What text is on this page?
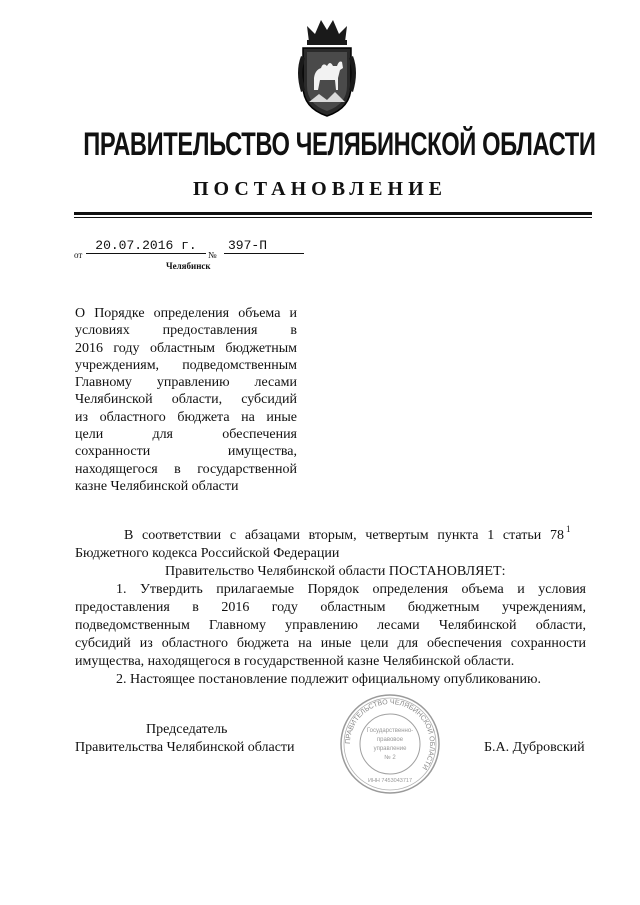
ПРАВИТЕЛЬСТВО ЧЕЛЯБИНСКОЙ ОБЛАСТИ
ПОСТАНОВЛЕНИЕ
от
20.07.2016 г.
№
397-П
Челябинск
О Порядке определения объема и
условиях предоставления в
2016 году областным бюджетным
учреждениям, подведомственным
Главному управлению лесами
Челябинской области, субсидий
из областного бюджета на иные
цели для обеспечения
сохранности имущества,
находящегося в государственной
казне Челябинской области
В соответствии с абзацами вторым, четвертым пункта 1 статьи 78 1
Бюджетного кодекса Российской Федерации
Правительство Челябинской области ПОСТАНОВЛЯЕТ:
1. Утвердить прилагаемые Порядок определения объема и условия
предоставления в 2016 году областным бюджетным учреждениям,
подведомственным Главному управлению лесами Челябинской области,
субсидий из областного бюджета на иные цели для обеспечения сохранности
имущества, находящегося в государственной казне Челябинской области.
2. Настоящее постановление подлежит официальному опубликованию.
Председатель
Правительства Челябинской области	Б.А. Дубровский
ПРАВИТЕЛЬСТВО ЧЕЛЯБИНСКОЙ ОБЛАСТИ
Государственно-
правовое
управление
№ 2
ИНН 7453043717
